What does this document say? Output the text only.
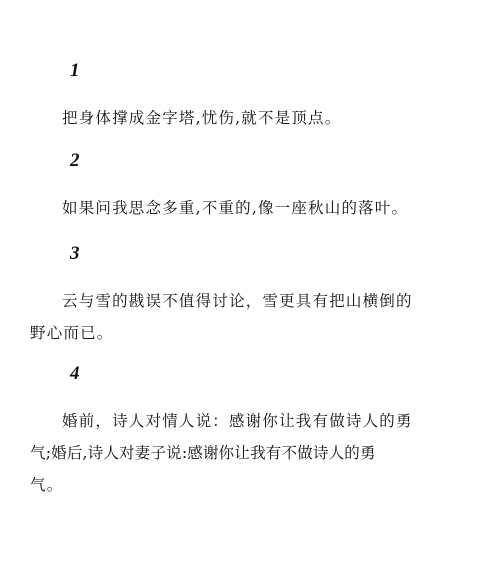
1

把身体撑成金字塔,忧伤,就不是顶点。

2

如果问我思念多重,不重的,像一座秋山的落叶。

3

云与雪的戡误不值得讨论，雪更具有把山横倒的
野心而已。

4

婚前，诗人对情人说：感谢你让我有做诗人的勇
气;婚后,诗人对妻子说:感谢你让我有不做诗人的勇
气。
